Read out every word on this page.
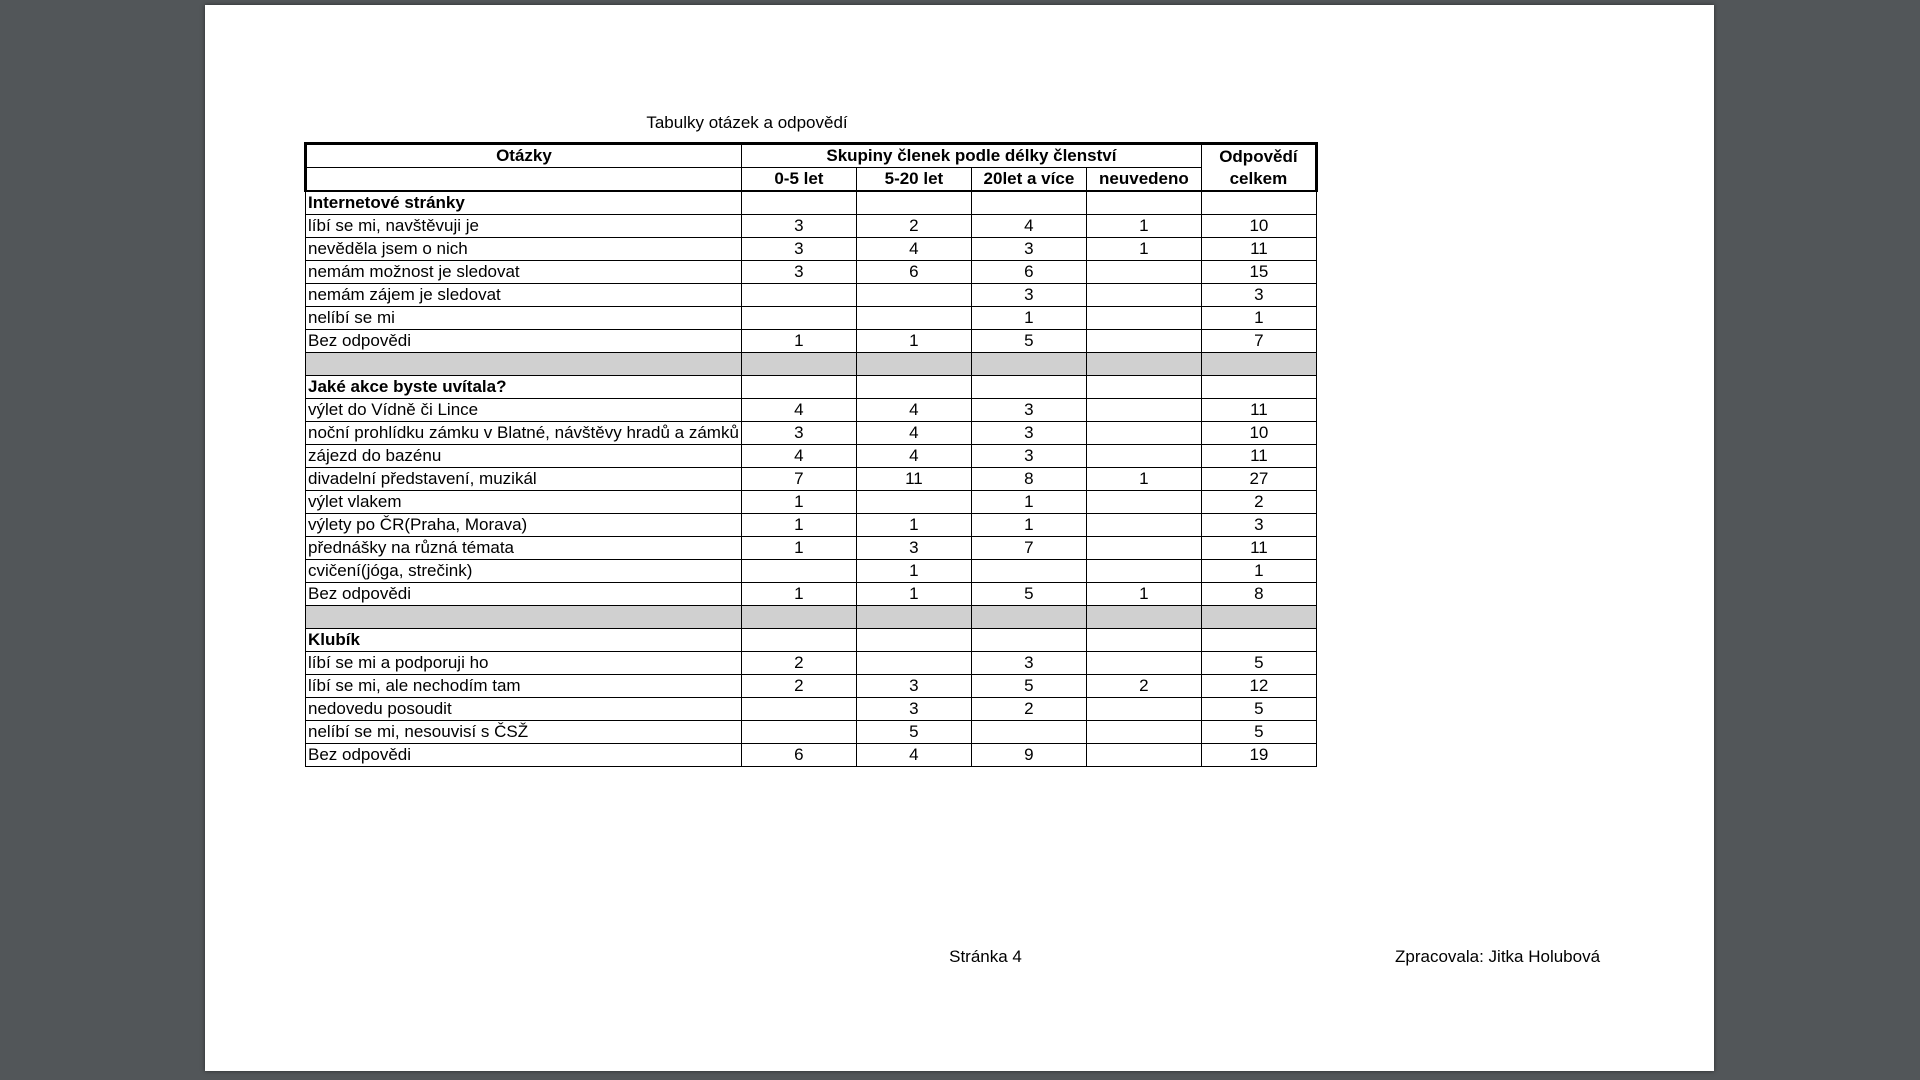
Tabulky otázek a odpovědí
Otázky	Skupiny členek podle délky členství				Odpovědí
celkem

	0-5 let	5-20 let	20let a více	neuvedeno	
Internetové stránky					
líbí se mi, navštěvuji je	3	2	4	1	10
nevěděla jsem o nich	3	4	3	1	11
nemám možnost je sledovat	3	6	6		15
nemám zájem je sledovat			3		3
nelíbí se mi			1		1
Bez odpovědi	1	1	5		7

Jaké akce byste uvítala?					
výlet do Vídně či Lince	4	4	3		11
noční prohlídku zámku v Blatné, návštěvy hradů a zámků	3	4	3		10
zájezd do bazénu	4	4	3		11
divadelní představení, muzikál	7	11	8	1	27
výlet vlakem	1		1		2
výlety po ČR(Praha, Morava)	1	1	1		3
přednášky na různá témata	1	3	7		11
cvičení(jóga, strečink)		1			1
Bez odpovědi	1	1	5	1	8

Klubík					
líbí se mi a podporuji ho	2		3		5
líbí se mi, ale nechodím tam	2	3	5	2	12
nedovedu posoudit		3	2		5
nelíbí se mi, nesouvisí s ČSŽ		5			5
Bez odpovědi	6	4	9		19
Stránka 4	Zpracovala: Jitka Holubová
